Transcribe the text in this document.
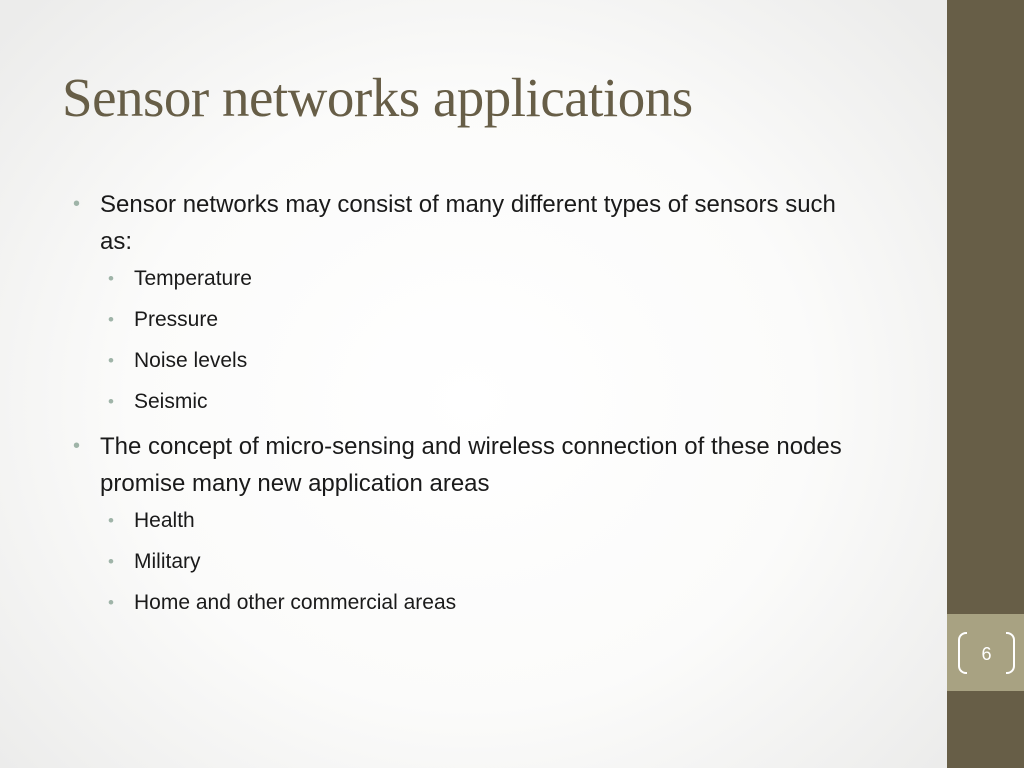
Sensor networks applications
• Sensor networks may consist of many different types of sensors such as:
• Temperature
• Pressure
• Noise levels
• Seismic
• The concept of micro-sensing and wireless connection of these nodes promise many new application areas
• Health
• Military
• Home and other commercial areas
6
